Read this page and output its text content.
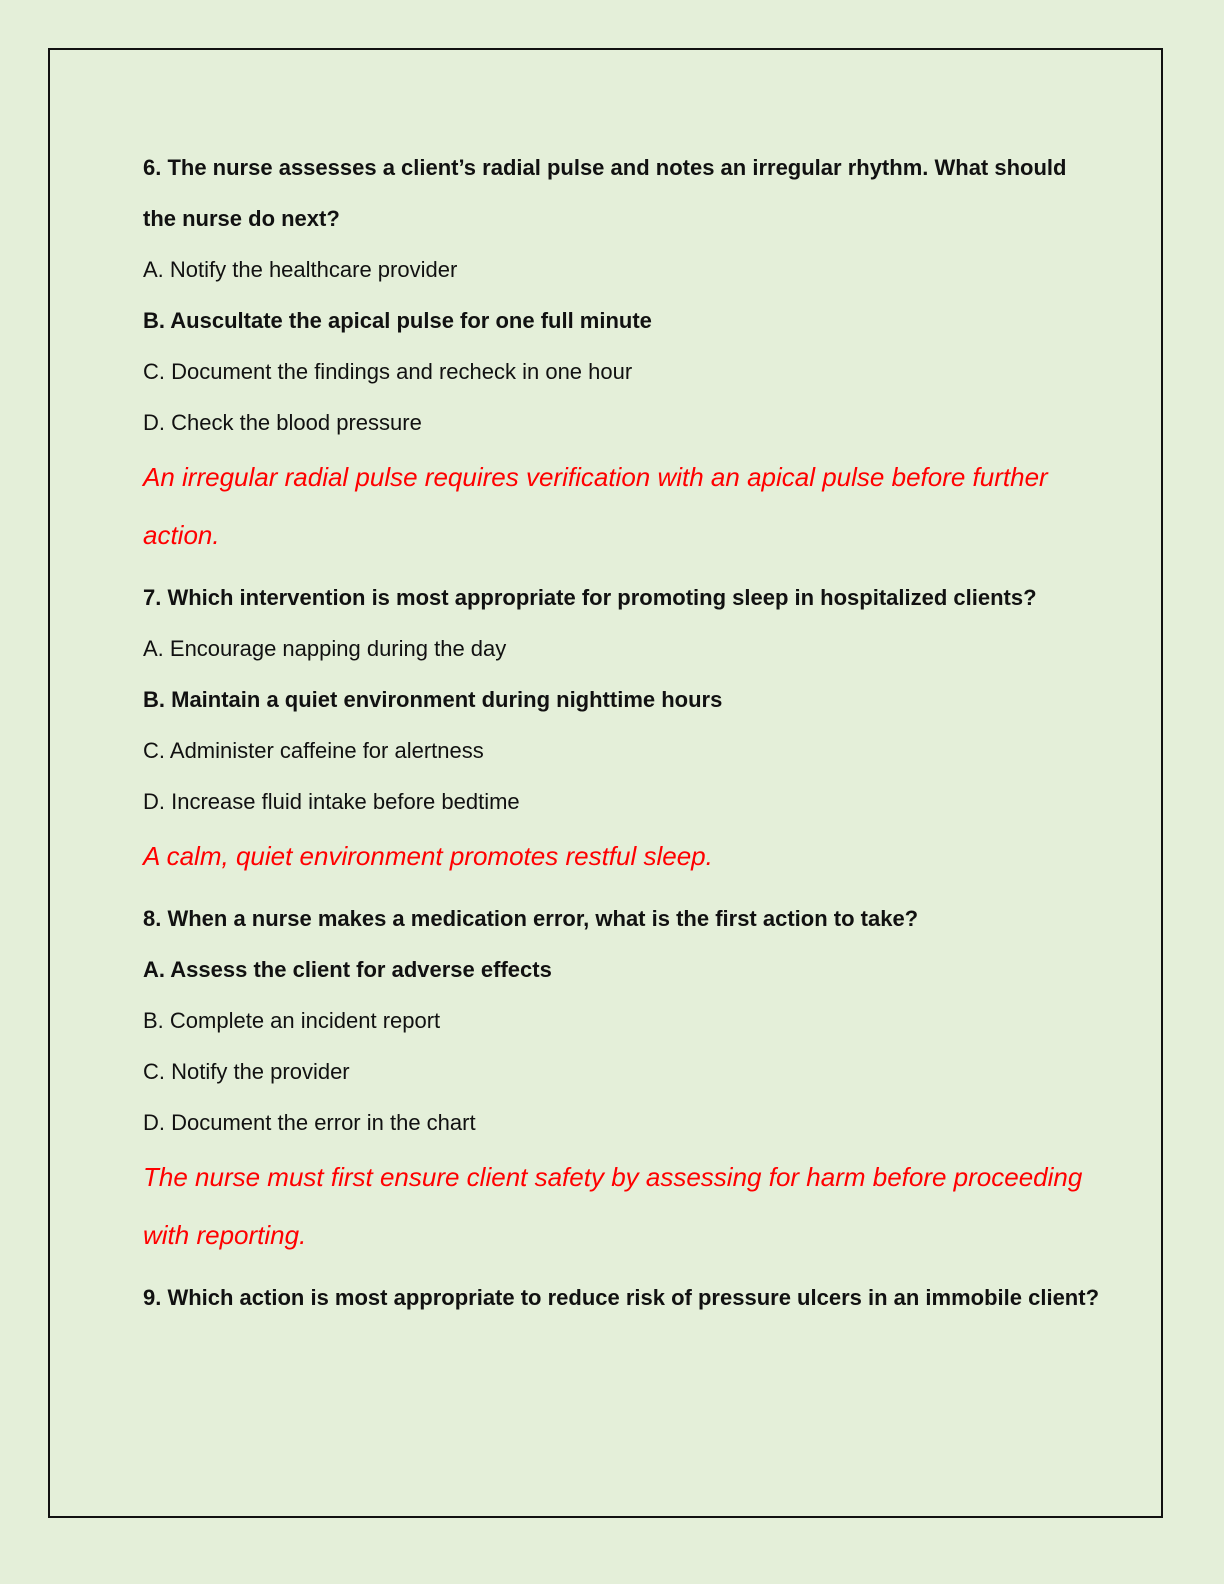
6. The nurse assesses a client’s radial pulse and notes an irregular rhythm. What should the nurse do next?
A. Notify the healthcare provider
B. Auscultate the apical pulse for one full minute
C. Document the findings and recheck in one hour
D. Check the blood pressure
An irregular radial pulse requires verification with an apical pulse before further action.
7. Which intervention is most appropriate for promoting sleep in hospitalized clients?
A. Encourage napping during the day
B. Maintain a quiet environment during nighttime hours
C. Administer caffeine for alertness
D. Increase fluid intake before bedtime
A calm, quiet environment promotes restful sleep.
8. When a nurse makes a medication error, what is the first action to take?
A. Assess the client for adverse effects
B. Complete an incident report
C. Notify the provider
D. Document the error in the chart
The nurse must first ensure client safety by assessing for harm before proceeding with reporting.
9. Which action is most appropriate to reduce risk of pressure ulcers in an immobile client?
